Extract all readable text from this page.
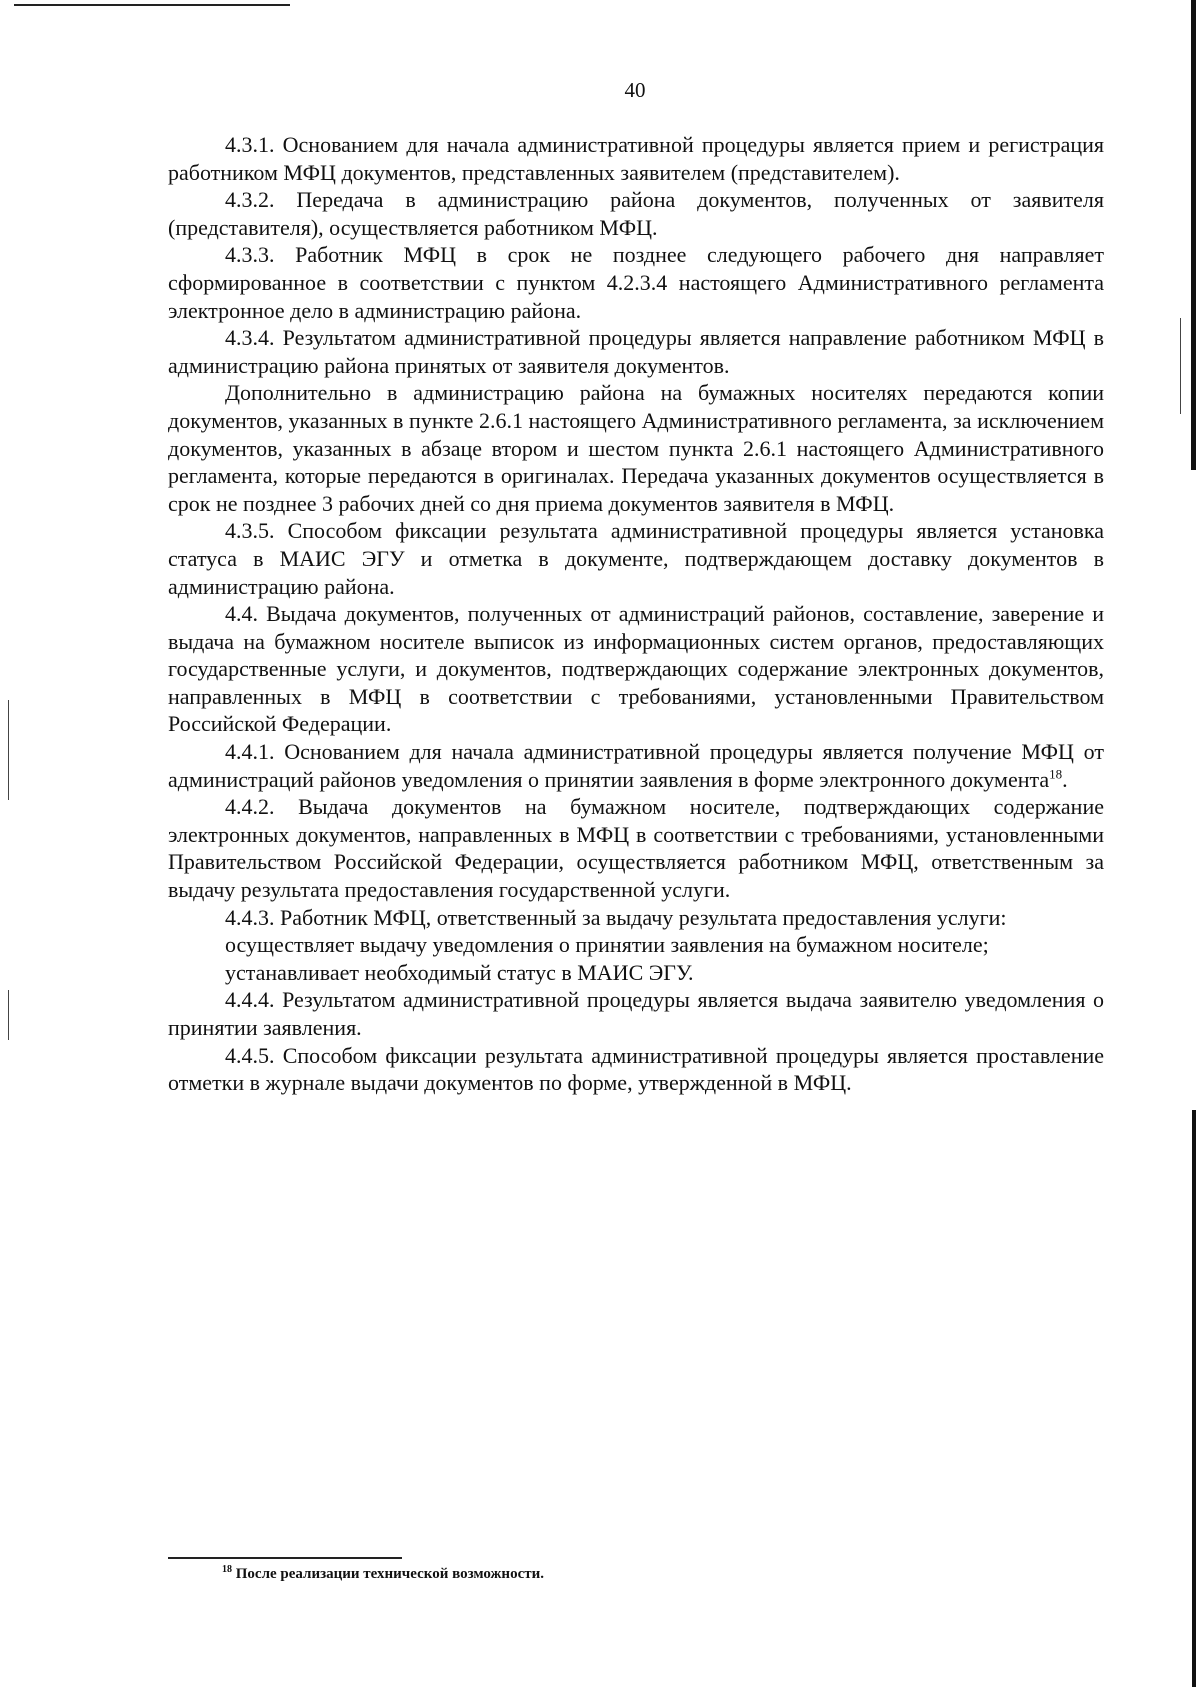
40

4.3.1. Основанием для начала административной процедуры является прием и регистрация работником МФЦ документов, представленных заявителем (представителем).

4.3.2. Передача в администрацию района документов, полученных от заявителя (представителя), осуществляется работником МФЦ.

4.3.3. Работник МФЦ в срок не позднее следующего рабочего дня направляет сформированное в соответствии с пунктом 4.2.3.4 настоящего Административного регламента электронное дело в администрацию района.

4.3.4. Результатом административной процедуры является направление работником МФЦ в администрацию района принятых от заявителя документов.

Дополнительно в администрацию района на бумажных носителях передаются копии документов, указанных в пункте 2.6.1 настоящего Административного регламента, за исключением документов, указанных в абзаце втором и шестом пункта 2.6.1 настоящего Административного регламента, которые передаются в оригиналах. Передача указанных документов осуществляется в срок не позднее 3 рабочих дней со дня приема документов заявителя в МФЦ.

4.3.5. Способом фиксации результата административной процедуры является установка статуса в МАИС ЭГУ и отметка в документе, подтверждающем доставку документов в администрацию района.

4.4. Выдача документов, полученных от администраций районов, составление, заверение и выдача на бумажном носителе выписок из информационных систем органов, предоставляющих государственные услуги, и документов, подтверждающих содержание электронных документов, направленных в МФЦ в соответствии с требованиями, установленными Правительством Российской Федерации.

4.4.1. Основанием для начала административной процедуры является получение МФЦ от администраций районов уведомления о принятии заявления в форме электронного документа$^{18}$.

4.4.2. Выдача документов на бумажном носителе, подтверждающих содержание электронных документов, направленных в МФЦ в соответствии с требованиями, установленными Правительством Российской Федерации, осуществляется работником МФЦ, ответственным за выдачу результата предоставления государственной услуги.

4.4.3. Работник МФЦ, ответственный за выдачу результата предоставления услуги:

осуществляет выдачу уведомления о принятии заявления на бумажном носителе;

устанавливает необходимый статус в МАИС ЭГУ.

4.4.4. Результатом административной процедуры является выдача заявителю уведомления о принятии заявления.

4.4.5. Способом фиксации результата административной процедуры является проставление отметки в журнале выдачи документов по форме, утвержденной в МФЦ.

$^{18}$ После реализации технической возможности.
